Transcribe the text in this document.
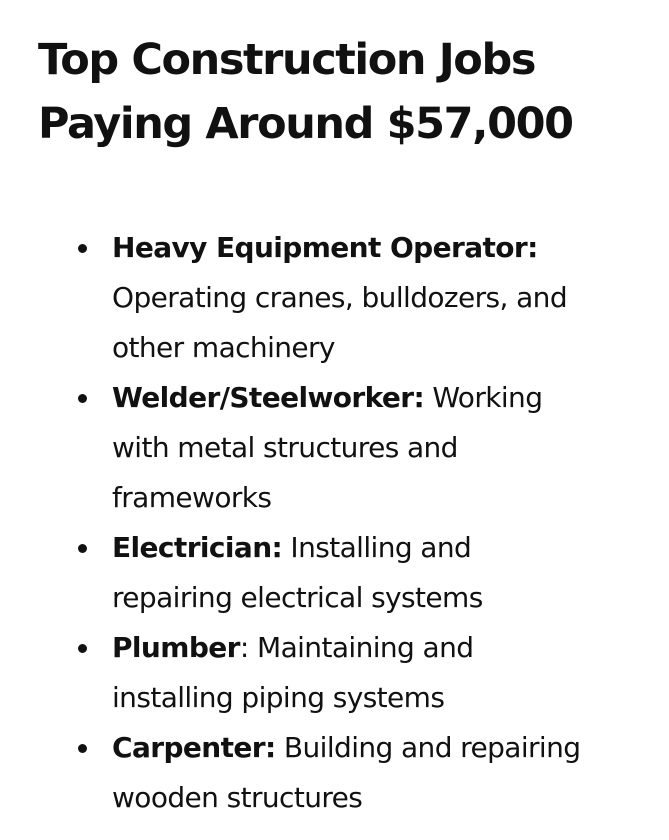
Top Construction Jobs
Paying Around $57,000
Heavy Equipment Operator: Operating cranes, bulldozers, and other machinery
Welder/Steelworker: Working with metal structures and frameworks
Electrician: Installing and repairing electrical systems
Plumber: Maintaining and installing piping systems
Carpenter: Building and repairing wooden structures
